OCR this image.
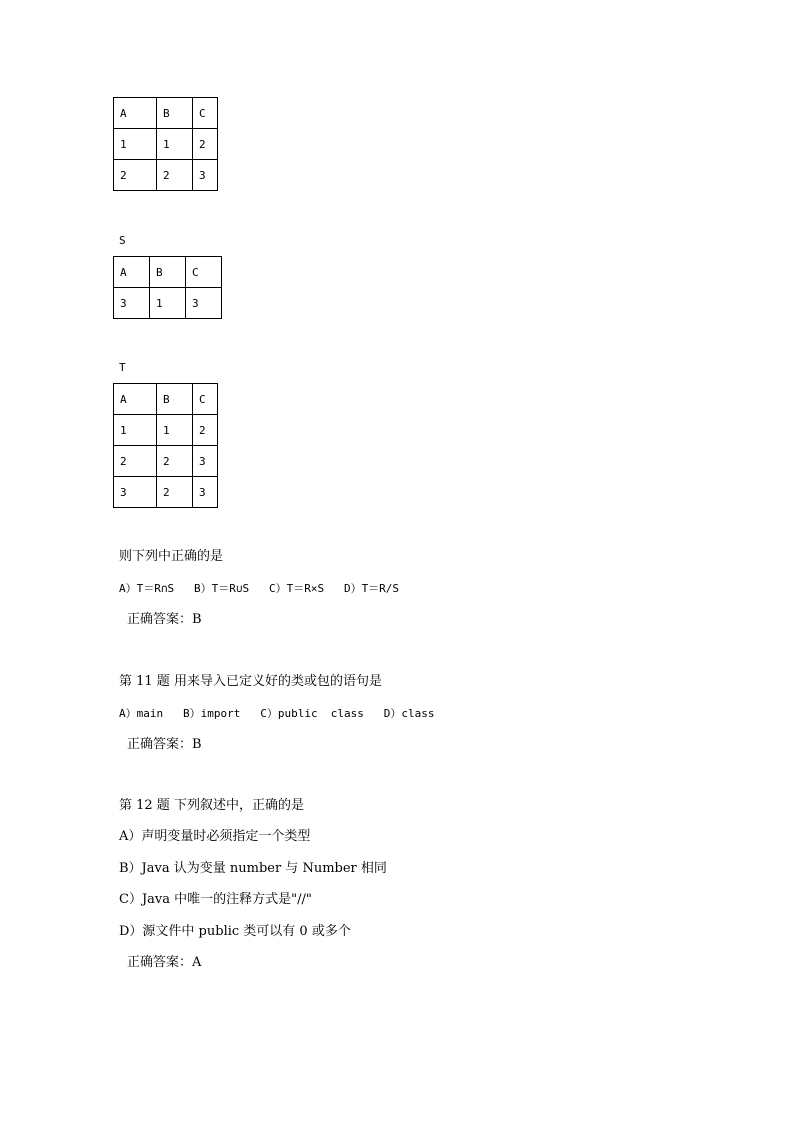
A	B	C
1	1	2
2	2	3
S
A	B	C
3	1	3
T
A	B	C
1	1	2
2	2	3
3	2	3
则下列中正确的是
A）T＝R∩S   B）T＝R∪S   C）T＝R×S   D）T＝R/S
正确答案：B
第 11 题 用来导入已定义好的类或包的语句是
A）main   B）import   C）public  class   D）class
正确答案：B
第 12 题 下列叙述中，正确的是
A）声明变量时必须指定一个类型
B）Java 认为变量 number 与 Number 相同
C）Java 中唯一的注释方式是"//"
D）源文件中 public 类可以有 0 或多个
正确答案：A
